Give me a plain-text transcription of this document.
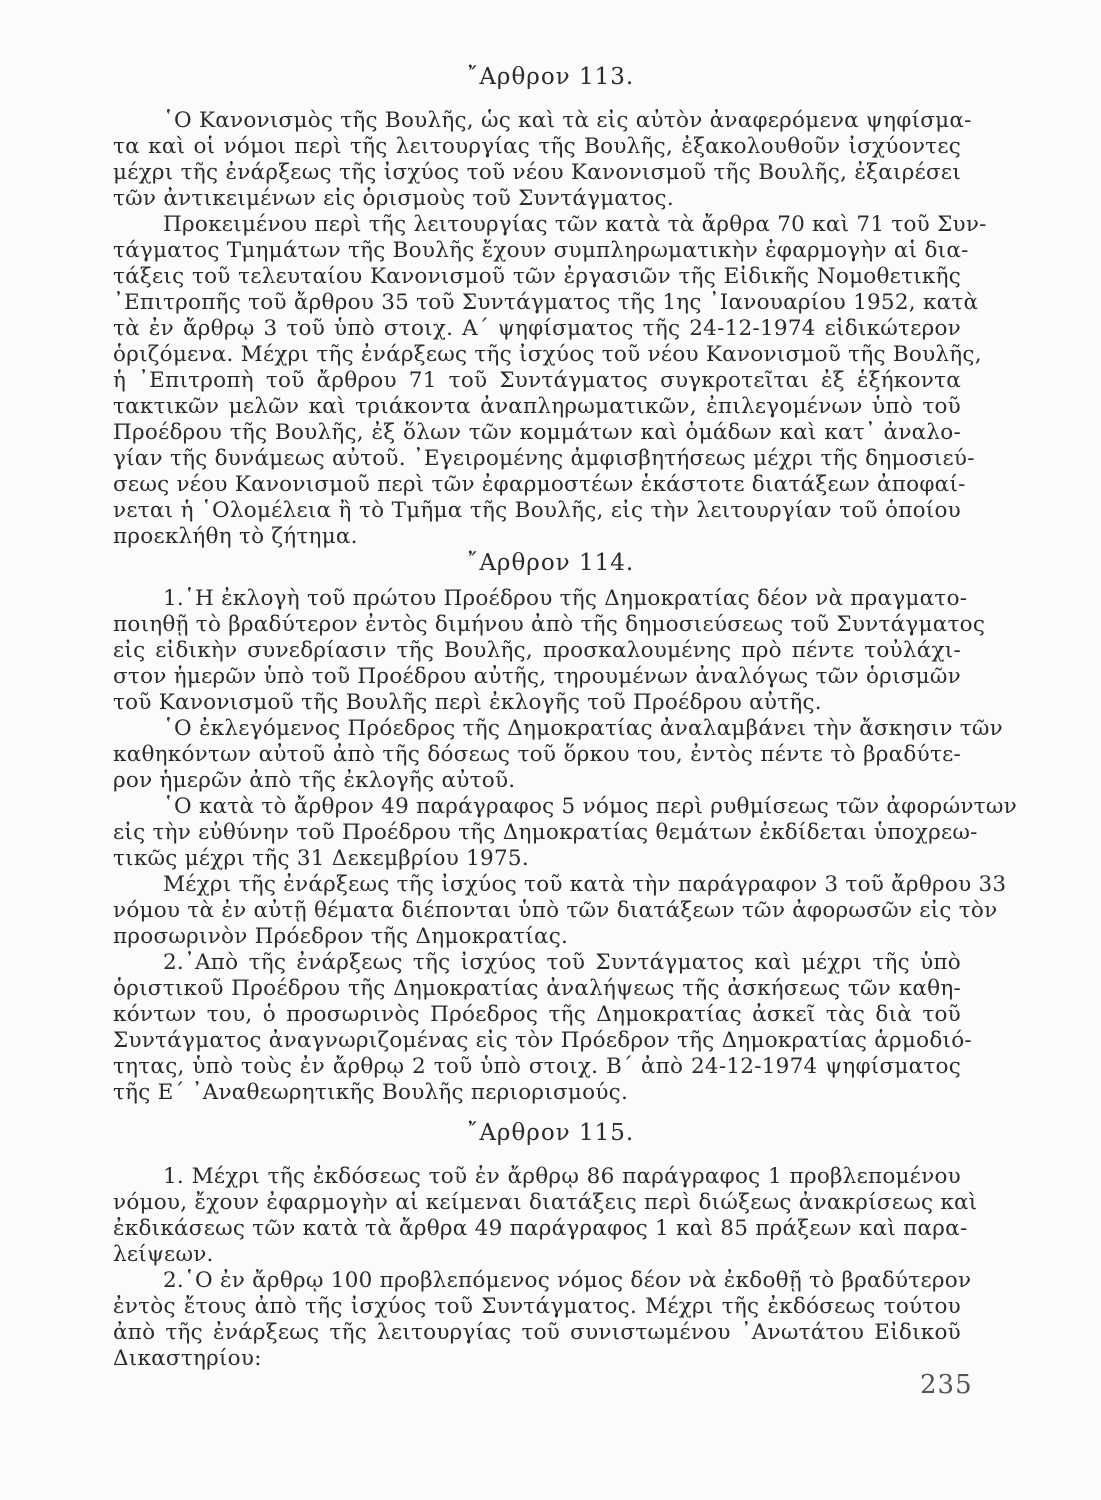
῎Αρθρον 113.
῾Ο Κανονισμὸς τῆς Βουλῆς, ὡς καὶ τὰ εἰς αὐτὸν ἀναφερόμενα ψηφίσμα-
τα καὶ οἱ νόμοι περὶ τῆς λειτουργίας τῆς Βουλῆς, ἐξακολουθοῦν ἰσχύοντες
μέχρι τῆς ἐνάρξεως τῆς ἰσχύος τοῦ νέου Κανονισμοῦ τῆς Βουλῆς, ἐξαιρέσει
τῶν ἀντικειμένων εἰς ὁρισμοὺς τοῦ Συντάγματος.
Προκειμένου περὶ τῆς λειτουργίας τῶν κατὰ τὰ ἄρθρα 70 καὶ 71 τοῦ Συν-
τάγματος Τμημάτων τῆς Βουλῆς ἔχουν συμπληρωματικὴν ἐφαρμογὴν αἱ δια-
τάξεις τοῦ τελευταίου Κανονισμοῦ τῶν ἐργασιῶν τῆς Εἰδικῆς Νομοθετικῆς
᾿Επιτροπῆς τοῦ ἄρθρου 35 τοῦ Συντάγματος τῆς 1ης ᾿Ιανουαρίου 1952, κατὰ
τὰ ἐν ἄρθρῳ 3 τοῦ ὑπὸ στοιχ. Α΄ ψηφίσματος τῆς 24-12-1974 εἰδικώτερον
ὁριζόμενα. Μέχρι τῆς ἐνάρξεως τῆς ἰσχύος τοῦ νέου Κανονισμοῦ τῆς Βουλῆς,
ἡ ᾿Επιτροπὴ τοῦ ἄρθρου 71 τοῦ Συντάγματος συγκροτεῖται ἐξ ἑξήκοντα
τακτικῶν μελῶν καὶ τριάκοντα ἀναπληρωματικῶν, ἐπιλεγομένων ὑπὸ τοῦ
Προέδρου τῆς Βουλῆς, ἐξ ὅλων τῶν κομμάτων καὶ ὁμάδων καὶ κατ᾿ ἀναλο-
γίαν τῆς δυνάμεως αὐτοῦ. ᾿Εγειρομένης ἀμφισβητήσεως μέχρι τῆς δημοσιεύ-
σεως νέου Κανονισμοῦ περὶ τῶν ἐφαρμοστέων ἑκάστοτε διατάξεων ἀποφαί-
νεται ἡ ῾Ολομέλεια ἢ τὸ Τμῆμα τῆς Βουλῆς, εἰς τὴν λειτουργίαν τοῦ ὁποίου
προεκλήθη τὸ ζήτημα.
῎Αρθρον 114.
1.῾Η ἐκλογὴ τοῦ πρώτου Προέδρου τῆς Δημοκρατίας δέον νὰ πραγματο-
ποιηθῇ τὸ βραδύτερον ἐντὸς διμήνου ἀπὸ τῆς δημοσιεύσεως τοῦ Συντάγματος
εἰς εἰδικὴν συνεδρίασιν τῆς Βουλῆς, προσκαλουμένης πρὸ πέντε τοὐλάχι-
στον ἡμερῶν ὑπὸ τοῦ Προέδρου αὐτῆς, τηρουμένων ἀναλόγως τῶν ὁρισμῶν
τοῦ Κανονισμοῦ τῆς Βουλῆς περὶ ἐκλογῆς τοῦ Προέδρου αὐτῆς.
῾Ο ἐκλεγόμενος Πρόεδρος τῆς Δημοκρατίας ἀναλαμβάνει τὴν ἄσκησιν τῶν
καθηκόντων αὐτοῦ ἀπὸ τῆς δόσεως τοῦ ὅρκου του, ἐντὸς πέντε τὸ βραδύτε-
ρον ἡμερῶν ἀπὸ τῆς ἐκλογῆς αὐτοῦ.
῾Ο κατὰ τὸ ἄρθρον 49 παράγραφος 5 νόμος περὶ ρυθμίσεως τῶν ἀφορώντων
εἰς τὴν εὐθύνην τοῦ Προέδρου τῆς Δημοκρατίας θεμάτων ἐκδίδεται ὑποχρεω-
τικῶς μέχρι τῆς 31 Δεκεμβρίου 1975.
Μέχρι τῆς ἐνάρξεως τῆς ἰσχύος τοῦ κατὰ τὴν παράγραφον 3 τοῦ ἄρθρου 33
νόμου τὰ ἐν αὐτῇ θέματα διέπονται ὑπὸ τῶν διατάξεων τῶν ἀφορωσῶν εἰς τὸν
προσωρινὸν Πρόεδρον τῆς Δημοκρατίας.
2.᾿Απὸ τῆς ἐνάρξεως τῆς ἰσχύος τοῦ Συντάγματος καὶ μέχρι τῆς ὑπὸ
ὁριστικοῦ Προέδρου τῆς Δημοκρατίας ἀναλήψεως τῆς ἀσκήσεως τῶν καθη-
κόντων του, ὁ προσωρινὸς Πρόεδρος τῆς Δημοκρατίας ἀσκεῖ τὰς διὰ τοῦ
Συντάγματος ἀναγνωριζομένας εἰς τὸν Πρόεδρον τῆς Δημοκρατίας ἁρμοδιό-
τητας, ὑπὸ τοὺς ἐν ἄρθρῳ 2 τοῦ ὑπὸ στοιχ. Β΄ ἀπὸ 24-12-1974 ψηφίσματος
τῆς Ε΄ ᾿Αναθεωρητικῆς Βουλῆς περιορισμούς.
῎Αρθρον 115.
1. Μέχρι τῆς ἐκδόσεως τοῦ ἐν ἄρθρῳ 86 παράγραφος 1 προβλεπομένου
νόμου, ἔχουν ἐφαρμογὴν αἱ κείμεναι διατάξεις περὶ διώξεως ἀνακρίσεως καὶ
ἐκδικάσεως τῶν κατὰ τὰ ἄρθρα 49 παράγραφος 1 καὶ 85 πράξεων καὶ παρα-
λείψεων.
2.῾Ο ἐν ἄρθρῳ 100 προβλεπόμενος νόμος δέον νὰ ἐκδοθῇ τὸ βραδύτερον
ἐντὸς ἔτους ἀπὸ τῆς ἰσχύος τοῦ Συντάγματος. Μέχρι τῆς ἐκδόσεως τούτου
ἀπὸ τῆς ἐνάρξεως τῆς λειτουργίας τοῦ συνιστωμένου ᾿Ανωτάτου Εἰδικοῦ
Δικαστηρίου:
235
